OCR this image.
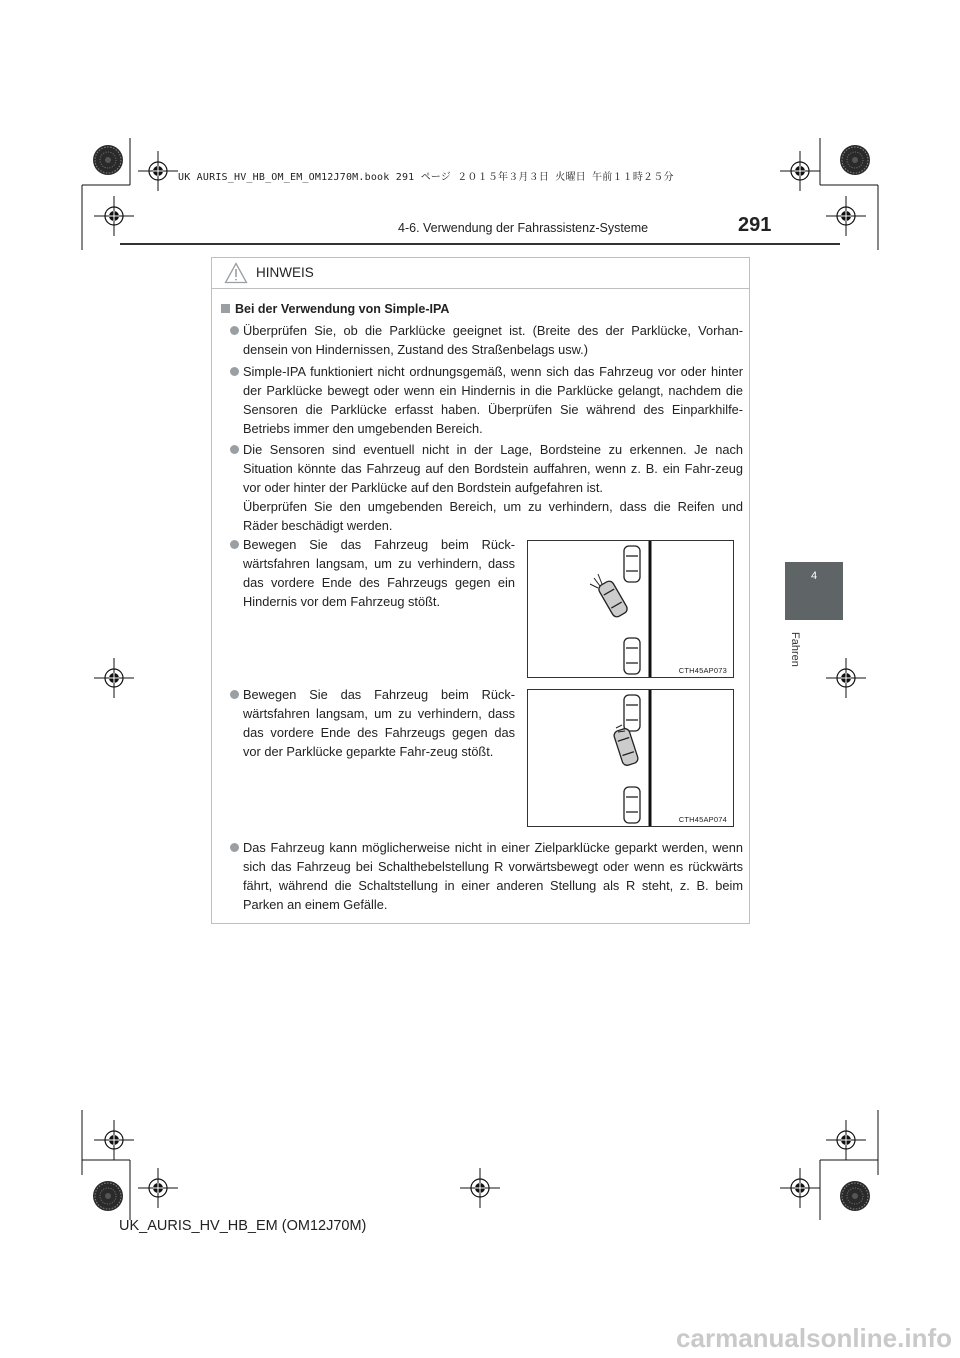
UK AURIS_HV_HB_OM_EM_OM12J70M.book 291 ページ ２０１５年３月３日 火曜日 午前１１時２５分
4-6. Verwendung der Fahrassistenz-Systeme	291
4
Fahren
HINWEIS
Bei der Verwendung von Simple-IPA

Überprüfen Sie, ob die Parklücke geeignet ist. (Breite des der Parklücke, Vorhan-densein von Hindernissen, Zustand des Straßenbelags usw.)

Simple-IPA funktioniert nicht ordnungsgemäß, wenn sich das Fahrzeug vor oder hinter der Parklücke bewegt oder wenn ein Hindernis in die Parklücke gelangt, nachdem die Sensoren die Parklücke erfasst haben. Überprüfen Sie während des Einparkhilfe-Betriebs immer den umgebenden Bereich.

Die Sensoren sind eventuell nicht in der Lage, Bordsteine zu erkennen. Je nach Situation könnte das Fahrzeug auf den Bordstein auffahren, wenn z. B. ein Fahr-zeug vor oder hinter der Parklücke auf den Bordstein aufgefahren ist.

Überprüfen Sie den umgebenden Bereich, um zu verhindern, dass die Reifen und Räder beschädigt werden.

Bewegen Sie das Fahrzeug beim Rück-wärtsfahren langsam, um zu verhindern, dass das vordere Ende des Fahrzeugs gegen ein Hindernis vor dem Fahrzeug stößt.

CTH45AP073

Bewegen Sie das Fahrzeug beim Rück-wärtsfahren langsam, um zu verhindern, dass das vordere Ende des Fahrzeugs gegen das vor der Parklücke geparkte Fahr-zeug stößt.

CTH45AP074

Das Fahrzeug kann möglicherweise nicht in einer Zielparklücke geparkt werden, wenn sich das Fahrzeug bei Schalthebelstellung R vorwärtsbewegt oder wenn es rückwärts fährt, während die Schaltstellung in einer anderen Stellung als R steht, z. B. beim Parken an einem Gefälle.

UK_AURIS_HV_HB_EM (OM12J70M)
carmanualsonline.info
